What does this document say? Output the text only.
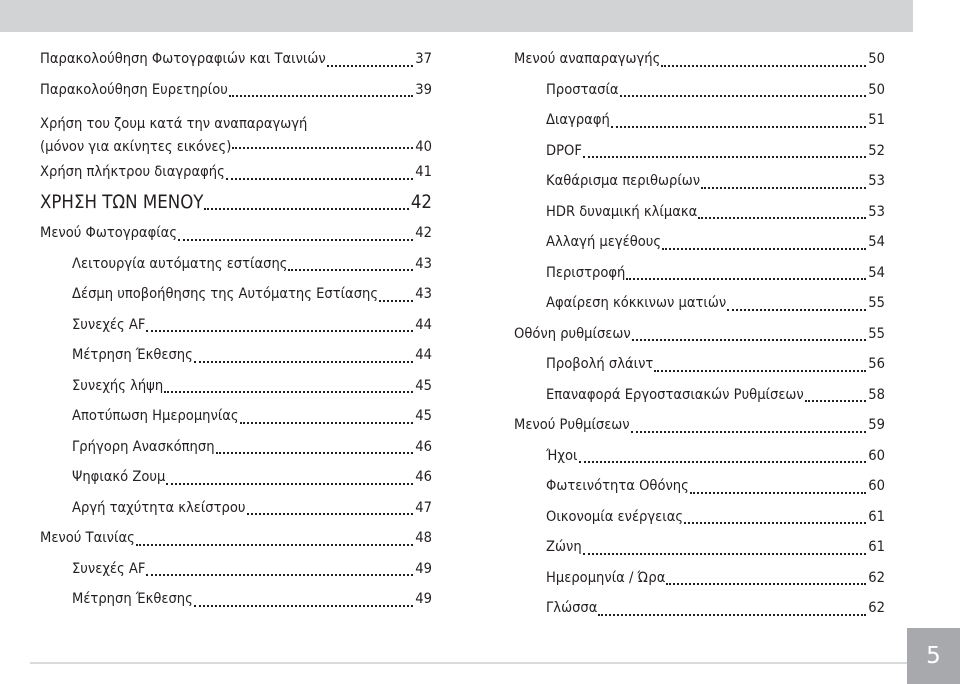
Παρακολούθηση Φωτογραφιών και Ταινιών	37
Παρακολούθηση Ευρετηρίου	39
Χρήση του ζουμ κατά την αναπαραγωγή
(μόνον για ακίνητες εικόνες)	40
Χρήση πλήκτρου διαγραφής	41
ΧΡΗΣΗ ΤΩΝ ΜΕΝΟΥ	42
Μενού Φωτογραφίας	42
Λειτουργία αυτόματης εστίασης	43
Δέσμη υποβοήθησης της Αυτόματης Εστίασης	43
Συνεχές AF	44
Μέτρηση Έκθεσης	44
Συνεχής λήψη	45
Αποτύπωση Ημερομηνίας	45
Γρήγορη Ανασκόπηση	46
Ψηφιακό Ζουμ	46
Αργή ταχύτητα κλείστρου	47
Μενού Ταινίας	48
Συνεχές AF	49
Μέτρηση Έκθεσης	49
Μενού αναπαραγωγής	50
Προστασία	50
Διαγραφή	51
DPOF	52
Καθάρισμα περιθωρίων	53
HDR δυναμική κλίμακα	53
Αλλαγή μεγέθους	54
Περιστροφή	54
Αφαίρεση κόκκινων ματιών	55
Οθόνη ρυθμίσεων	55
Προβολή σλάιντ	56
Επαναφορά Εργοστασιακών Ρυθμίσεων	58
Μενού Ρυθμίσεων	59
Ήχοι	60
Φωτεινότητα Οθόνης	60
Οικονομία ενέργειας	61
Ζώνη	61
Ημερομηνία / Ώρα	62
Γλώσσα	62
5
